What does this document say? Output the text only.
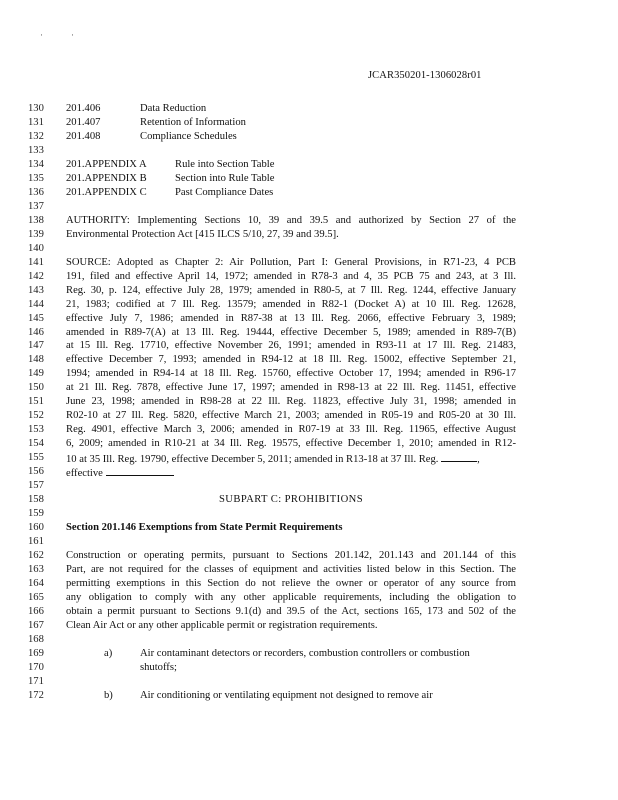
··
JCAR350201-1306028r01
130	201.406	Data Reduction
131	201.407	Retention of Information
132	201.408	Compliance Schedules
133
134	201.APPENDIX A	Rule into Section Table
135	201.APPENDIX B	Section into Rule Table
136	201.APPENDIX C	Past Compliance Dates
137
138	AUTHORITY: Implementing Sections 10, 39 and 39.5 and authorized by Section 27 of the
139	Environmental Protection Act [415 ILCS 5/10, 27, 39 and 39.5].
140
141	SOURCE: Adopted as Chapter 2: Air Pollution, Part I: General Provisions, in R71-23, 4 PCB
142	191, filed and effective April 14, 1972; amended in R78-3 and 4, 35 PCB 75 and 243, at 3 Ill.
143	Reg. 30, p. 124, effective July 28, 1979; amended in R80-5, at 7 Ill. Reg. 1244, effective January
144	21, 1983; codified at 7 Ill. Reg. 13579; amended in R82-1 (Docket A) at 10 Ill. Reg. 12628,
145	effective July 7, 1986; amended in R87-38 at 13 Ill. Reg. 2066, effective February 3, 1989;
146	amended in R89-7(A) at 13 Ill. Reg. 19444, effective December 5, 1989; amended in R89-7(B)
147	at 15 Ill. Reg. 17710, effective November 26, 1991; amended in R93-11 at 17 Ill. Reg. 21483,
148	effective December 7, 1993; amended in R94-12 at 18 Ill. Reg. 15002, effective September 21,
149	1994; amended in R94-14 at 18 Ill. Reg. 15760, effective October 17, 1994; amended in R96-17
150	at 21 Ill. Reg. 7878, effective June 17, 1997; amended in R98-13 at 22 Ill. Reg. 11451, effective
151	June 23, 1998; amended in R98-28 at 22 Ill. Reg. 11823, effective July 31, 1998; amended in
152	R02-10 at 27 Ill. Reg. 5820, effective March 21, 2003; amended in R05-19 and R05-20 at 30 Ill.
153	Reg. 4901, effective March 3, 2006; amended in R07-19 at 33 Ill. Reg. 11965, effective August
154	6, 2009; amended in R10-21 at 34 Ill. Reg. 19575, effective December 1, 2010; amended in R12-
155	10 at 35 Ill. Reg. 19790, effective December 5, 2011; amended in R13-18 at 37 Ill. Reg.	,
156	effective
157
158	SUBPART C: PROHIBITIONS
159
160	Section 201.146 Exemptions from State Permit Requirements
161
162	Construction or operating permits, pursuant to Sections 201.142, 201.143 and 201.144 of this
163	Part, are not required for the classes of equipment and activities listed below in this Section. The
164	permitting exemptions in this Section do not relieve the owner or operator of any source from
165	any obligation to comply with any other applicable requirements, including the obligation to
166	obtain a permit pursuant to Sections 9.1(d) and 39.5 of the Act, sections 165, 173 and 502 of the
167	Clean Air Act or any other applicable permit or registration requirements.
168
169	a)	Air contaminant detectors or recorders, combustion controllers or combustion
170	shutoffs;
171
172	b)	Air conditioning or ventilating equipment not designed to remove air
